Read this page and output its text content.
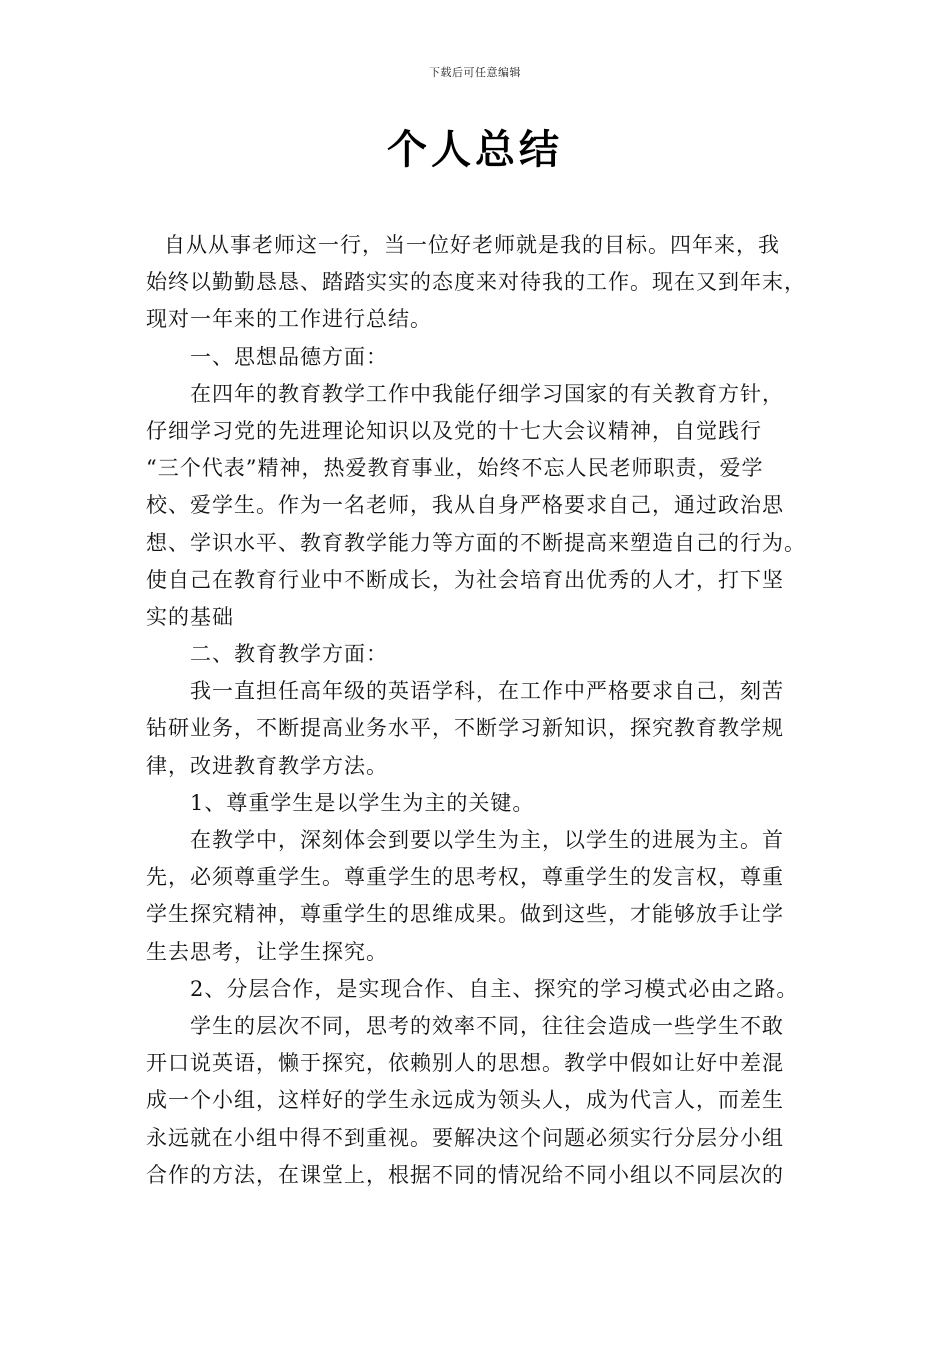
下载后可任意编辑
个人总结
自从从事老师这一行，当一位好老师就是我的目标。四年来，我
始终以勤勤恳恳、踏踏实实的态度来对待我的工作。现在又到年末，
现对一年来的工作进行总结。
一、思想品德方面：
在四年的教育教学工作中我能仔细学习国家的有关教育方针，
仔细学习党的先进理论知识以及党的十七大会议精神，自觉践行
“三个代表”精神，热爱教育事业，始终不忘人民老师职责，爱学
校、爱学生。作为一名老师，我从自身严格要求自己，通过政治思
想、学识水平、教育教学能力等方面的不断提高来塑造自己的行为。
使自己在教育行业中不断成长，为社会培育出优秀的人才，打下坚
实的基础
二、教育教学方面：
我一直担任高年级的英语学科，在工作中严格要求自己，刻苦
钻研业务，不断提高业务水平，不断学习新知识，探究教育教学规
律，改进教育教学方法。
1、尊重学生是以学生为主的关键。
在教学中，深刻体会到要以学生为主，以学生的进展为主。首
先，必须尊重学生。尊重学生的思考权，尊重学生的发言权，尊重
学生探究精神，尊重学生的思维成果。做到这些，才能够放手让学
生去思考，让学生探究。
2、分层合作，是实现合作、自主、探究的学习模式必由之路。
学生的层次不同，思考的效率不同，往往会造成一些学生不敢
开口说英语，懒于探究，依赖别人的思想。教学中假如让好中差混
成一个小组，这样好的学生永远成为领头人，成为代言人，而差生
永远就在小组中得不到重视。要解决这个问题必须实行分层分小组
合作的方法，在课堂上，根据不同的情况给不同小组以不同层次的
